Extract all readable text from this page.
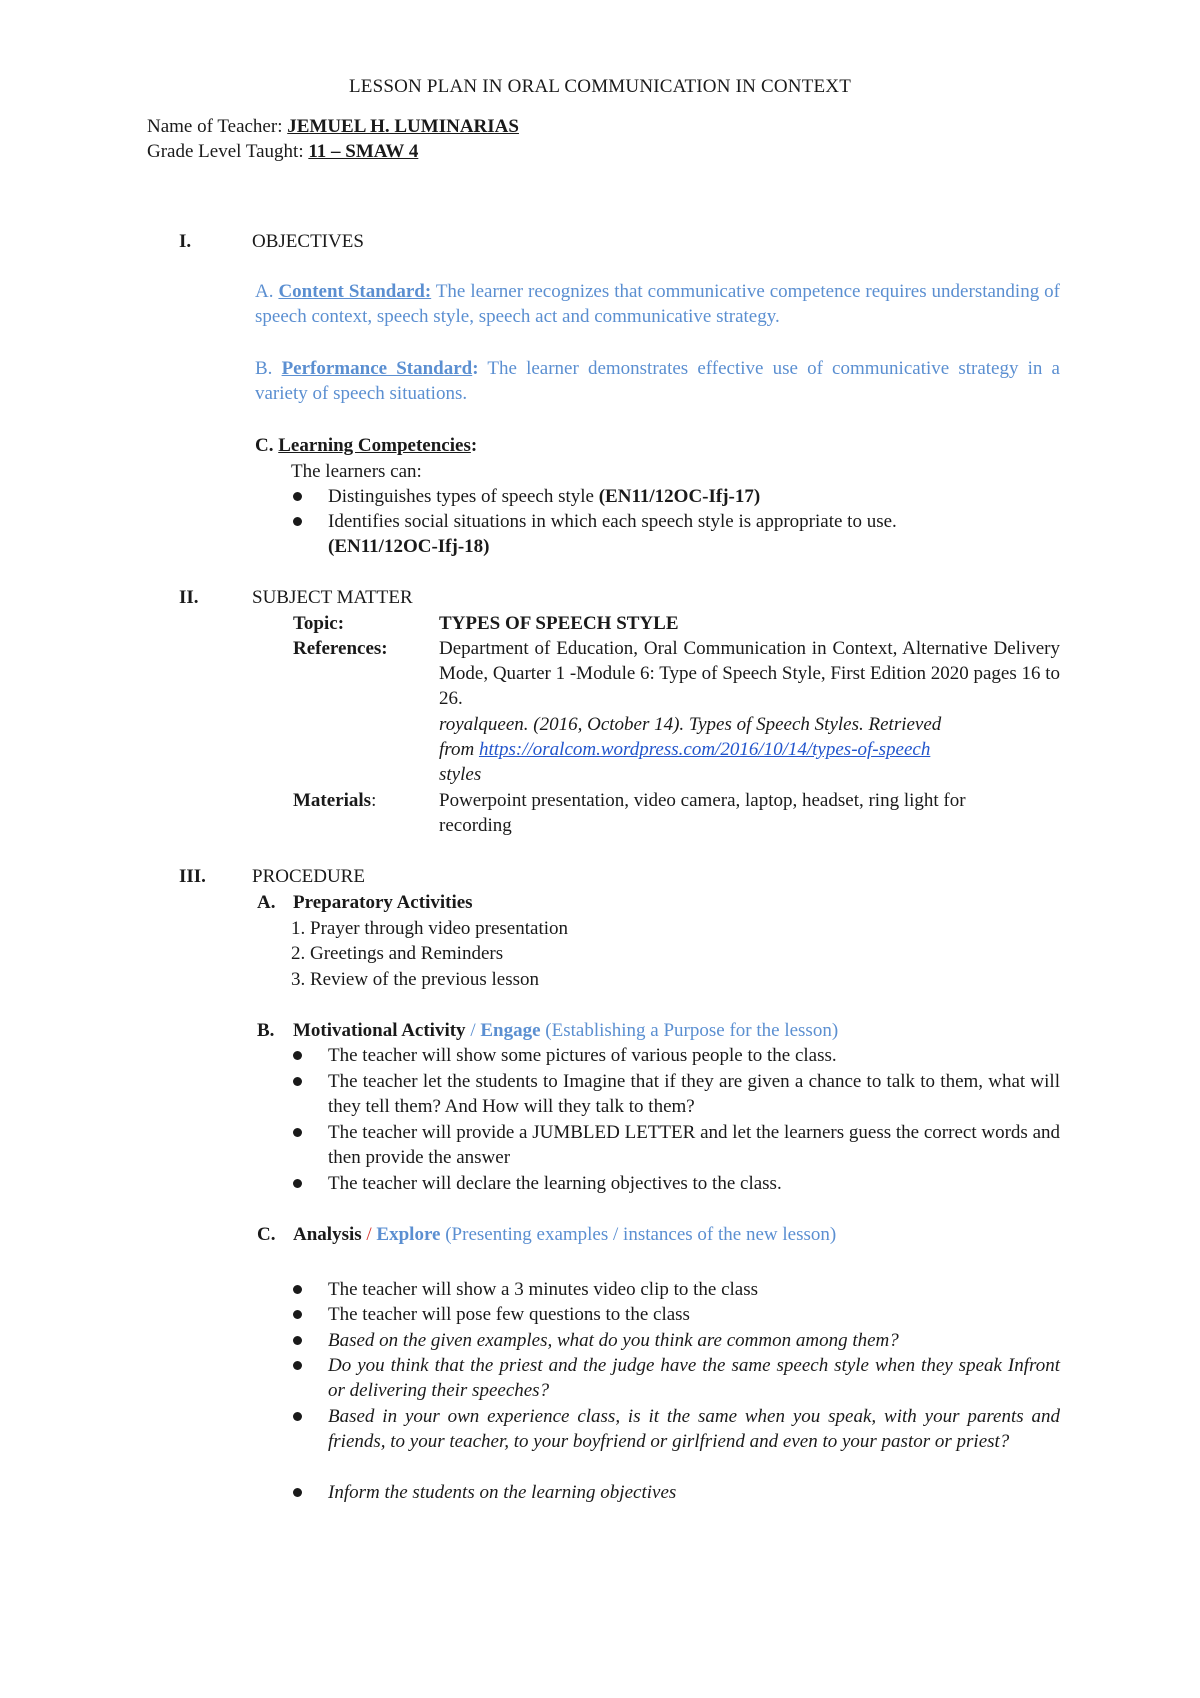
LESSON PLAN IN ORAL COMMUNICATION IN CONTEXT
Name of Teacher: JEMUEL H. LUMINARIAS
Grade Level Taught: 11 – SMAW 4
I.	OBJECTIVES
A. Content Standard: The learner recognizes that communicative competence requires understanding of speech context, speech style, speech act and communicative strategy.
B. Performance Standard: The learner demonstrates effective use of communicative strategy in a variety of speech situations.
C. Learning Competencies:
The learners can:
Distinguishes types of speech style (EN11/12OC-Ifj-17)
Identifies social situations in which each speech style is appropriate to use.
(EN11/12OC-Ifj-18)
II.	SUBJECT MATTER
Topic:	TYPES OF SPEECH STYLE
References:	Department of Education, Oral Communication in Context, Alternative Delivery Mode, Quarter 1 -Module 6: Type of Speech Style, First Edition 2020 pages 16 to 26.
royalqueen. (2016, October 14). Types of Speech Styles. Retrieved
from https://oralcom.wordpress.com/2016/10/14/types-of-speech
styles
Materials:	Powerpoint presentation, video camera, laptop, headset, ring light for recording
III. PROCEDURE
A. Preparatory Activities
1. Prayer through video presentation
2. Greetings and Reminders
3. Review of the previous lesson
B. Motivational Activity / Engage (Establishing a Purpose for the lesson)
The teacher will show some pictures of various people to the class.
The teacher let the students to Imagine that if they are given a chance to talk to them, what will they tell them? And How will they talk to them?
The teacher will provide a JUMBLED LETTER and let the learners guess the correct words and then provide the answer
The teacher will declare the learning objectives to the class.
C. Analysis / Explore (Presenting examples / instances of the new lesson)
The teacher will show a 3 minutes video clip to the class
The teacher will pose few questions to the class
Based on the given examples, what do you think are common among them?
Do you think that the priest and the judge have the same speech style when they speak Infront or delivering their speeches?
Based in your own experience class, is it the same when you speak, with your parents and friends, to your teacher, to your boyfriend or girlfriend and even to your pastor or priest?
Inform the students on the learning objectives
